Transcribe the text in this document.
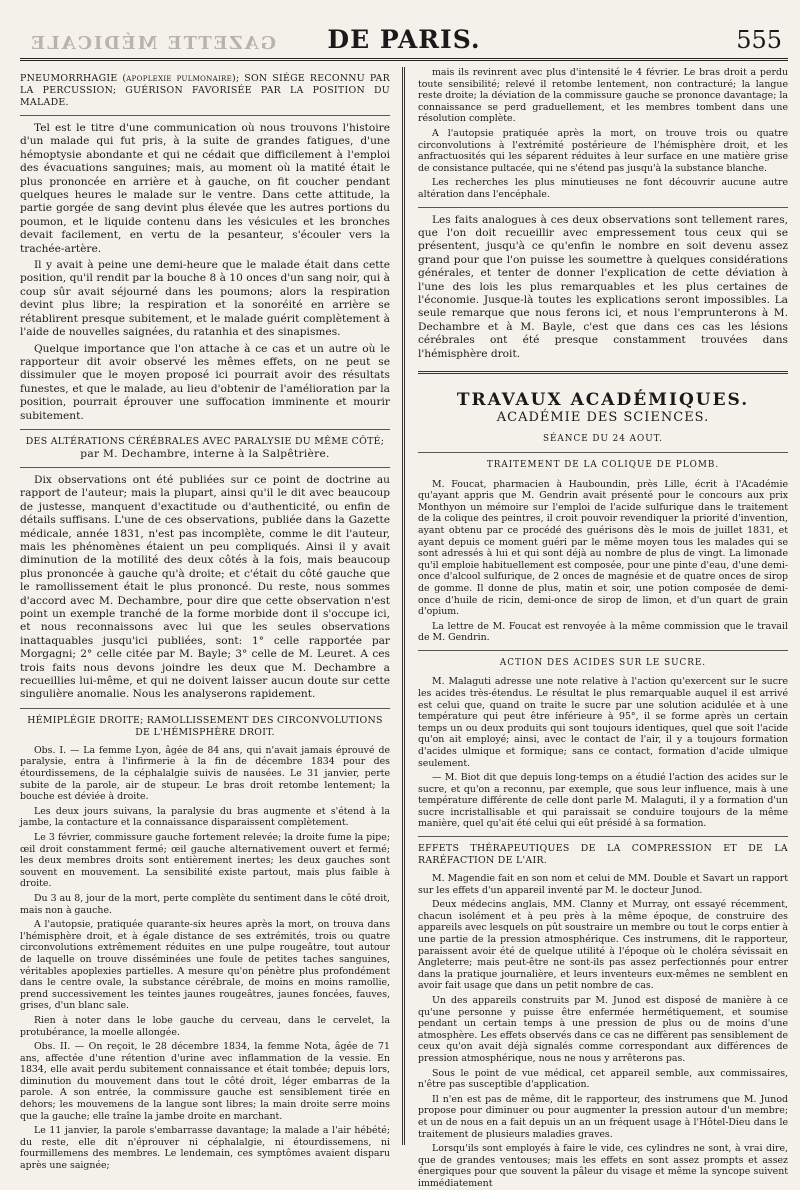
GAZETTE MÉDICALE DE PARIS.	555
PNEUMORRHAGIE (apoplexie pulmonaire); SON SIÉGE RECONNU PAR LA PERCUSSION; GUÉRISON FAVORISÉE PAR LA POSITION DU MALADE.

Tel est le titre d'une communication où nous trouvons l'histoire d'un malade qui fut pris, à la suite de grandes fatigues, d'une hémoptysie abondante et qui ne cédait que difficilement à l'emploi des évacuations sanguines; mais, au moment où la matité était le plus prononcée en arrière et à gauche, on fit coucher pendant quelques heures le malade sur le ventre. Dans cette attitude, la partie gorgée de sang devint plus élevée que les autres portions du poumon, et le liquide contenu dans les vésicules et les bronches devait facilement, en vertu de la pesanteur, s'écouler vers la trachée-artère.

Il y avait à peine une demi-heure que le malade était dans cette position, qu'il rendit par la bouche 8 à 10 onces d'un sang noir, qui à coup sûr avait séjourné dans les poumons; alors la respiration devint plus libre; la respiration et la sonoréité en arrière se rétablirent presque subitement, et le malade guérit complètement à l'aide de nouvelles saignées, du ratanhia et des sinapismes.

Quelque importance que l'on attache à ce cas et un autre où le rapporteur dit avoir observé les mêmes effets, on ne peut se dissimuler que le moyen proposé ici pourrait avoir des résultats funestes, et que le malade, au lieu d'obtenir de l'amélioration par la position, pourrait éprouver une suffocation imminente et mourir subitement.

DES ALTÉRATIONS CÉRÉBRALES AVEC PARALYSIE DU MÊME CÔTÉ;
par M. Dechambre, interne à la Salpêtrière.

Dix observations ont été publiées sur ce point de doctrine au rapport de l'auteur; mais la plupart, ainsi qu'il le dit avec beaucoup de justesse, manquent d'exactitude ou d'authenticité, ou enfin de détails suffisans. L'une de ces observations, publiée dans la Gazette médicale, année 1831, n'est pas incomplète, comme le dit l'auteur, mais les phénomènes étaient un peu compliqués. Ainsi il y avait diminution de la motilité des deux côtés à la fois, mais beaucoup plus prononcée à gauche qu'à droite; et c'était du côté gauche que le ramollissement était le plus prononcé. Du reste, nous sommes d'accord avec M. Dechambre, pour dire que cette observation n'est point un exemple tranché de la forme morbide dont il s'occupe ici, et nous reconnaissons avec lui que les seules observations inattaquables jusqu'ici publiées, sont: 1° celle rapportée par Morgagni; 2° celle citée par M. Bayle; 3° celle de M. Leuret. A ces trois faits nous devons joindre les deux que M. Dechambre a recueillies lui-même, et qui ne doivent laisser aucun doute sur cette singulière anomalie. Nous les analyserons rapidement.

HÉMIPLÉGIE DROITE; RAMOLLISSEMENT DES CIRCONVOLUTIONS DE L'HÉMISPHÈRE DROIT.

Obs. I. — La femme Lyon, âgée de 84 ans, qui n'avait jamais éprouvé de paralysie, entra à l'infirmerie à la fin de décembre 1834 pour des étourdissemens, de la céphalalgie suivis de nausées. Le 31 janvier, perte subite de la parole, air de stupeur. Le bras droit retombe lentement; la bouche est déviée à droite.

Les deux jours suivans, la paralysie du bras augmente et s'étend à la jambe, la contacture et la connaissance disparaissent complètement.

Le 3 février, commissure gauche fortement relevée; la droite fume la pipe; œil droit constamment fermé; œil gauche alternativement ouvert et fermé; les deux membres droits sont entièrement inertes; les deux gauches sont souvent en mouvement. La sensibilité existe partout, mais plus faible à droite.

Du 3 au 8, jour de la mort, perte complète du sentiment dans le côté droit, mais non à gauche.

A l'autopsie, pratiquée quarante-six heures après la mort, on trouva dans l'hémisphère droit, et à égale distance de ses extrémités, trois ou quatre circonvolutions extrêmement réduites en une pulpe rougeâtre, tout autour de laquelle on trouve disséminées une foule de petites taches sanguines, véritables apoplexies partielles. A mesure qu'on pénètre plus profondément dans le centre ovale, la substance cérébrale, de moins en moins ramollie, prend successivement les teintes jaunes rougeâtres, jaunes foncées, fauves, grises, d'un blanc sale.

Rien à noter dans le lobe gauche du cerveau, dans le cervelet, la protubérance, la moelle allongée.

Obs. II. — On reçoit, le 28 décembre 1834, la femme Nota, âgée de 71 ans, affectée d'une rétention d'urine avec inflammation de la vessie. En 1834, elle avait perdu subitement connaissance et était tombée; depuis lors, diminution du mouvement dans tout le côté droit, léger embarras de la parole. A son entrée, la commissure gauche est sensiblement tirée en dehors; les mouvemens de la langue sont libres; la main droite serre moins que la gauche; elle traîne la jambe droite en marchant.

Le 11 janvier, la parole s'embarrasse davantage; la malade a l'air hébété; du reste, elle dit n'éprouver ni céphalalgie, ni étourdissemens, ni fourmillemens des membres. Le lendemain, ces symptômes avaient disparu après une saignée;

mais ils revinrent avec plus d'intensité le 4 février. Le bras droit a perdu toute sensibilité; relevé il retombe lentement, non contracturé; la langue reste droite; la déviation de la commissure gauche se prononce davantage; la connaissance se perd graduellement, et les membres tombent dans une résolution complète.

A l'autopsie pratiquée après la mort, on trouve trois ou quatre circonvolutions à l'extrémité postérieure de l'hémisphère droit, et les anfractuosités qui les séparent réduites à leur surface en une matière grise de consistance pultacée, qui ne s'étend pas jusqu'à la substance blanche.

Les recherches les plus minutieuses ne font découvrir aucune autre altération dans l'encéphale.

Les faits analogues à ces deux observations sont tellement rares, que l'on doit recueillir avec empressement tous ceux qui se présentent, jusqu'à ce qu'enfin le nombre en soit devenu assez grand pour que l'on puisse les soumettre à quelques considérations générales, et tenter de donner l'explication de cette déviation à l'une des lois les plus remarquables et les plus certaines de l'économie. Jusque-là toutes les explications seront impossibles. La seule remarque que nous ferons ici, et nous l'emprunterons à M. Dechambre et à M. Bayle, c'est que dans ces cas les lésions cérébrales ont été presque constamment trouvées dans l'hémisphère droit.

TRAVAUX ACADÉMIQUES.
ACADÉMIE DES SCIENCES.
SÉANCE DU 24 AOUT.
TRAITEMENT DE LA COLIQUE DE PLOMB.

M. Foucat, pharmacien à Hauboundin, près Lille, écrit à l'Académie qu'ayant appris que M. Gendrin avait présenté pour le concours aux prix Monthyon un mémoire sur l'emploi de l'acide sulfurique dans le traitement de la colique des peintres, il croit pouvoir revendiquer la priorité d'invention, ayant obtenu par ce procédé des guérisons dès le mois de juillet 1831, et ayant depuis ce moment guéri par le même moyen tous les malades qui se sont adressés à lui et qui sont déjà au nombre de plus de vingt. La limonade qu'il emploie habituellement est composée, pour une pinte d'eau, d'une demi-once d'alcool sulfurique, de 2 onces de magnésie et de quatre onces de sirop de gomme. Il donne de plus, matin et soir, une potion composée de demi-once d'huile de ricin, demi-once de sirop de limon, et d'un quart de grain d'opium.

La lettre de M. Foucat est renvoyée à la même commission que le travail de M. Gendrin.

ACTION DES ACIDES SUR LE SUCRE.

M. Malaguti adresse une note relative à l'action qu'exercent sur le sucre les acides très-étendus. Le résultat le plus remarquable auquel il est arrivé est celui que, quand on traite le sucre par une solution acidulée et à une température qui peut être inférieure à 95°, il se forme après un certain temps un ou deux produits qui sont toujours identiques, quel que soit l'acide qu'on ait employé; ainsi, avec le contact de l'air, il y a toujours formation d'acides ulmique et formique; sans ce contact, formation d'acide ulmique seulement.

— M. Biot dit que depuis long-temps on a étudié l'action des acides sur le sucre, et qu'on a reconnu, par exemple, que sous leur influence, mais à une température différente de celle dont parle M. Malaguti, il y a formation d'un sucre incristallisable et qui paraissait se conduire toujours de la même manière, quel qu'ait été celui qui eût présidé à sa formation.

EFFETS THÉRAPEUTIQUES DE LA COMPRESSION ET DE LA RARÉFACTION DE L'AIR.

M. Magendie fait en son nom et celui de MM. Double et Savart un rapport sur les effets d'un appareil inventé par M. le docteur Junod.

Deux médecins anglais, MM. Clanny et Murray, ont essayé récemment, chacun isolément et à peu près à la même époque, de construire des appareils avec lesquels on pût soustraire un membre ou tout le corps entier à une partie de la pression atmosphérique. Ces instrumens, dit le rapporteur, paraissent avoir été de quelque utilité à l'époque où le choléra sévissait en Angleterre; mais peut-être ne sont-ils pas assez perfectionnés pour entrer dans la pratique journalière, et leurs inventeurs eux-mêmes ne semblent en avoir fait usage que dans un petit nombre de cas.

Un des appareils construits par M. Junod est disposé de manière à ce qu'une personne y puisse être enfermée hermétiquement, et soumise pendant un certain temps à une pression de plus ou de moins d'une atmosphère. Les effets observés dans ce cas ne diffèrent pas sensiblement de ceux qu'on avait déjà signalés comme correspondant aux différences de pression atmosphérique, nous ne nous y arrêterons pas.

Sous le point de vue médical, cet appareil semble, aux commissaires, n'être pas susceptible d'application.

Il n'en est pas de même, dit le rapporteur, des instrumens que M. Junod propose pour diminuer ou pour augmenter la pression autour d'un membre; et un de nous en a fait depuis un an un fréquent usage à l'Hôtel-Dieu dans le traitement de plusieurs maladies graves.

Lorsqu'ils sont employés à faire le vide, ces cylindres ne sont, à vrai dire, que de grandes ventouses; mais les effets en sont assez prompts et assez énergiques pour que souvent la pâleur du visage et même la syncope suivent immédiatement
